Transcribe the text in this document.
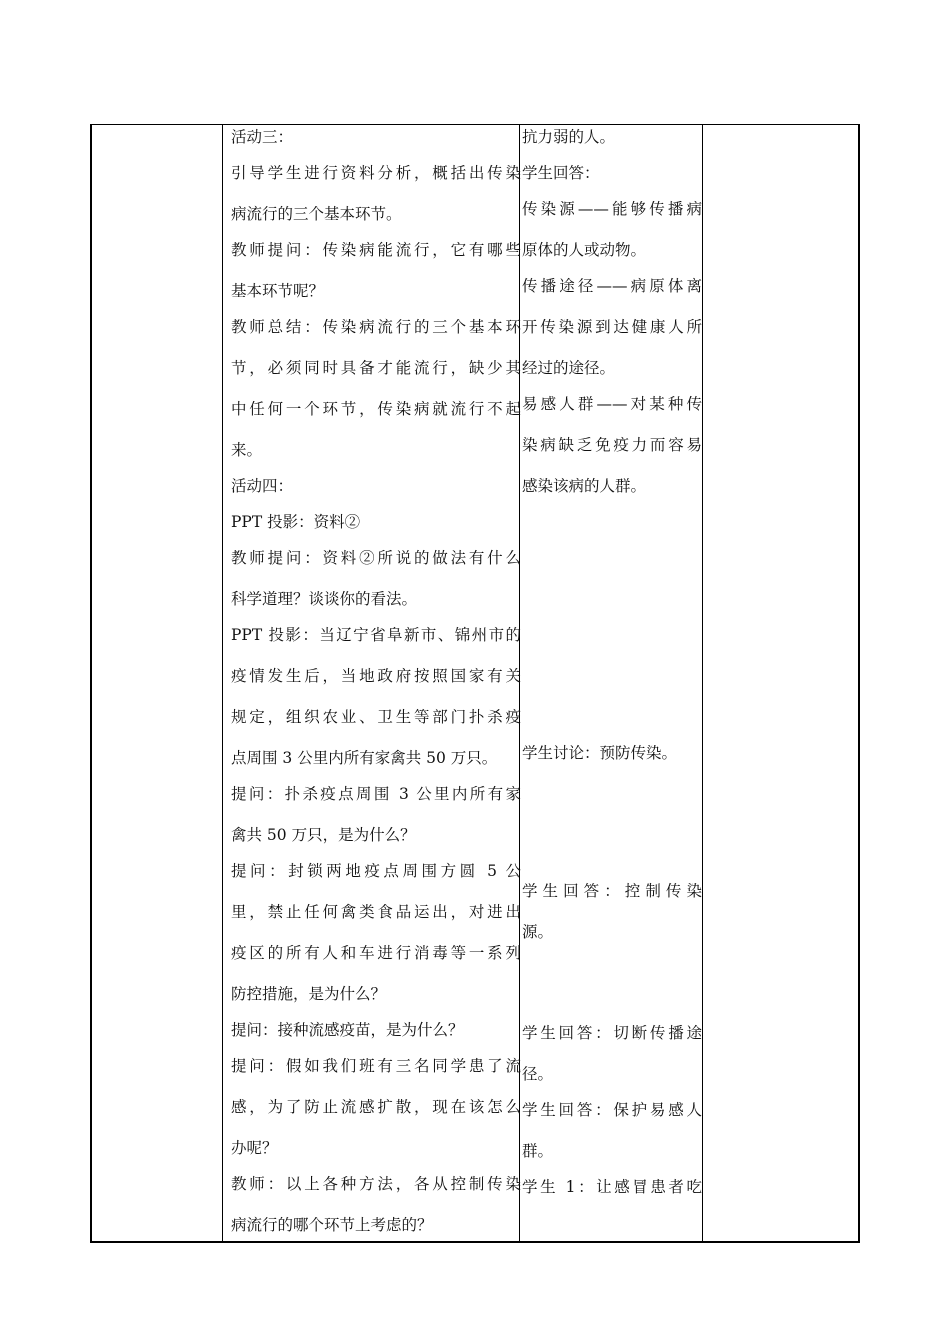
活动三：
引导学生进行资料分析，概括出传染
病流行的三个基本环节。
教师提问：传染病能流行，它有哪些
基本环节呢？
教师总结：传染病流行的三个基本环
节，必须同时具备才能流行，缺少其
中任何一个环节，传染病就流行不起
来。
活动四：
PPT 投影：资料②
教师提问：资料②所说的做法有什么
科学道理？谈谈你的看法。
PPT 投影：当辽宁省阜新市、锦州市的
疫情发生后，当地政府按照国家有关
规定，组织农业、卫生等部门扑杀疫
点周围 3 公里内所有家禽共 50 万只。
提问：扑杀疫点周围 3 公里内所有家
禽共 50 万只，是为什么？
提问：封锁两地疫点周围方圆 5 公
里，禁止任何禽类食品运出，对进出
疫区的所有人和车进行消毒等一系列
防控措施，是为什么？
提问：接种流感疫苗，是为什么？
提问：假如我们班有三名同学患了流
感，为了防止流感扩散，现在该怎么
办呢？
教师：以上各种方法，各从控制传染
病流行的哪个环节上考虑的？
抗力弱的人。
学生回答：
传染源——能够传播病
原体的人或动物。
传播途径——病原体离
开传染源到达健康人所
经过的途径。
易感人群——对某种传
染病缺乏免疫力而容易
感染该病的人群。
学生讨论：预防传染。
学 生 回 答 ： 控 制 传 染
源。
学生回答：切断传播途
径。
学生回答：保护易感人
群。
学生 1：让感冒患者吃
